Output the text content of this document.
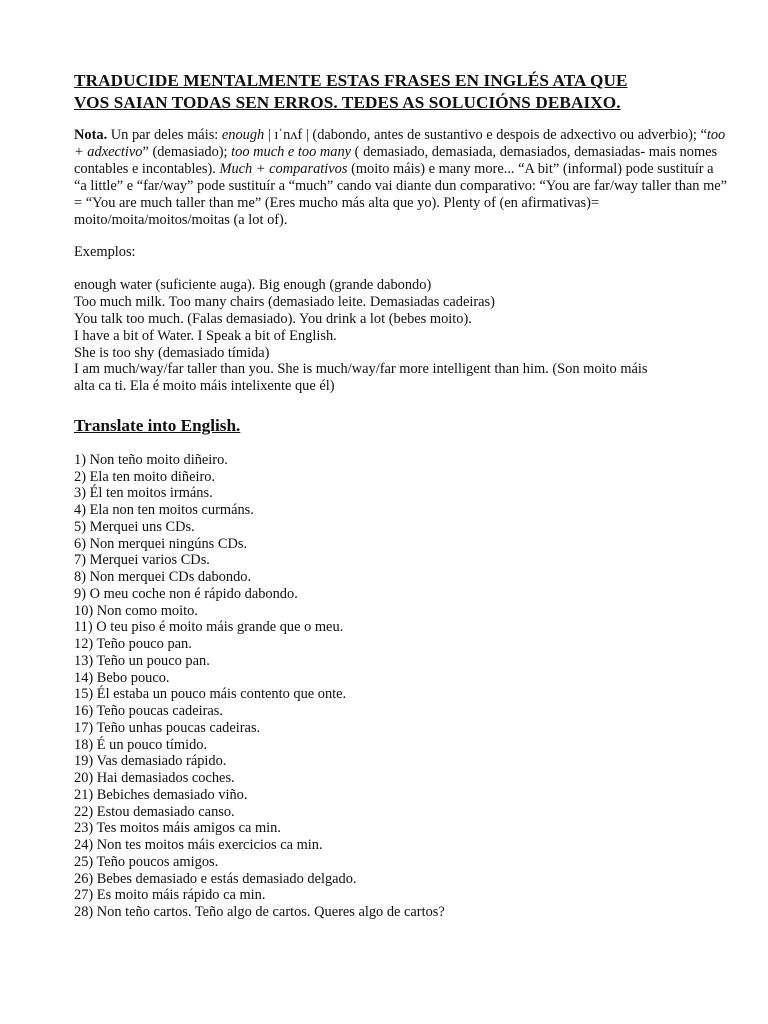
TRADUCIDE MENTALMENTE ESTAS FRASES EN INGLÉS ATA QUE
VOS SAIAN TODAS SEN ERROS. TEDES AS SOLUCIÓNS DEBAIXO.

Nota. Un par deles máis: enough | ɪˈnʌf | (dabondo, antes de sustantivo e despois de adxectivo ou adverbio); “too + adxectivo” (demasiado); too much e too many ( demasiado, demasiada, demasiados, demasiadas- mais nomes contables e incontables). Much + comparativos (moito máis) e many more... “A bit” (informal) pode sustituír a “a little” e “far/way” pode sustituír a “much” cando vai diante dun comparativo: “You are far/way taller than me” = “You are much taller than me” (Eres mucho más alta que yo). Plenty of (en afirmativas)= moito/moita/moitos/moitas (a lot of).

Exemplos:

enough water (suficiente auga). Big enough (grande dabondo)

Too much milk. Too many chairs (demasiado leite. Demasiadas cadeiras)

You talk too much. (Falas demasiado). You drink a lot (bebes moito).

I have a bit of Water. I Speak a bit of English.

She is too shy (demasiado tímida)

I am much/way/far taller than you. She is much/way/far more intelligent than him. (Son moito máis

alta ca ti. Ela é moito máis intelixente que él)

Translate into English.

1) Non teño moito diñeiro.

2) Ela ten moito diñeiro.

3) Él ten moitos irmáns.

4) Ela non ten moitos curmáns.

5) Merquei uns CDs.

6) Non merquei ningúns CDs.

7) Merquei varios CDs.

8) Non merquei CDs dabondo.

9) O meu coche non é rápido dabondo.

10) Non como moito.

11) O teu piso é moito máis grande que o meu.

12) Teño pouco pan.

13) Teño un pouco pan.

14) Bebo pouco.

15) Él estaba un pouco máis contento que onte.

16) Teño poucas cadeiras.

17) Teño unhas poucas cadeiras.

18) É un pouco tímido.

19) Vas demasiado rápido.

20) Hai demasiados coches.

21) Bebiches demasiado viño.

22) Estou demasiado canso.

23) Tes moitos máis amigos ca min.

24) Non tes moitos máis exercicios ca min.

25) Teño poucos amigos.

26) Bebes demasiado e estás demasiado delgado.

27) Es moito máis rápido ca min.

28) Non teño cartos. Teño algo de cartos. Queres algo de cartos?
